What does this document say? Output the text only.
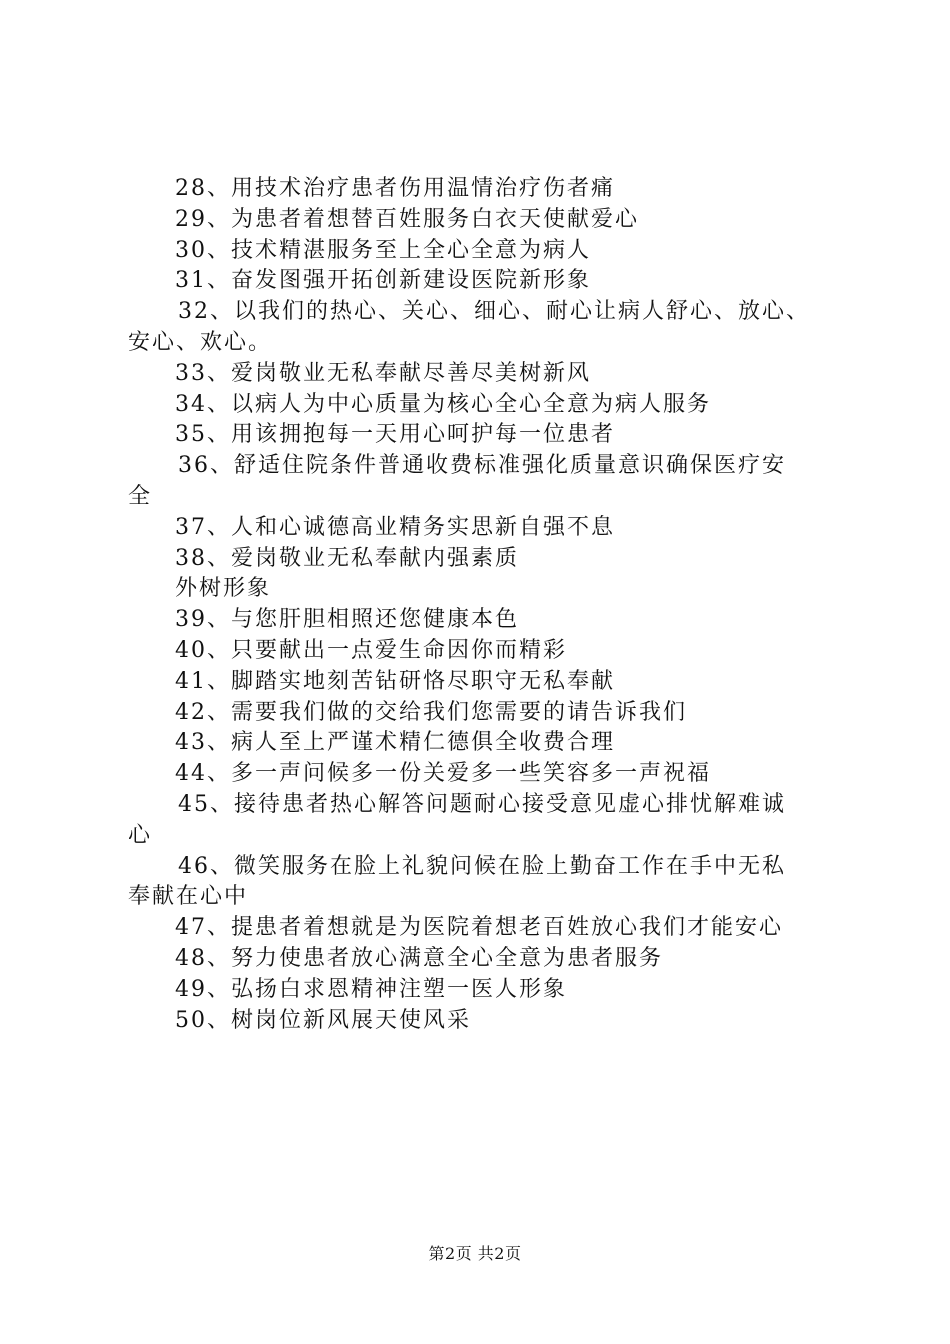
28、用技术治疗患者伤用温情治疗伤者痛
29、为患者着想替百姓服务白衣天使献爱心
30、技术精湛服务至上全心全意为病人
31、奋发图强开拓创新建设医院新形象
32、以我们的热心、关心、细心、耐心让病人舒心、放心、
安心、欢心。
33、爱岗敬业无私奉献尽善尽美树新风
34、以病人为中心质量为核心全心全意为病人服务
35、用该拥抱每一天用心呵护每一位患者
36、舒适住院条件普通收费标准强化质量意识确保医疗安
全
37、人和心诚德高业精务实思新自强不息
38、爱岗敬业无私奉献内强素质
外树形象
39、与您肝胆相照还您健康本色
40、只要献出一点爱生命因你而精彩
41、脚踏实地刻苦钻研恪尽职守无私奉献
42、需要我们做的交给我们您需要的请告诉我们
43、病人至上严谨术精仁德俱全收费合理
44、多一声问候多一份关爱多一些笑容多一声祝福
45、接待患者热心解答问题耐心接受意见虚心排忧解难诚
心
46、微笑服务在脸上礼貌问候在脸上勤奋工作在手中无私
奉献在心中
47、提患者着想就是为医院着想老百姓放心我们才能安心
48、努力使患者放心满意全心全意为患者服务
49、弘扬白求恩精神注塑一医人形象
50、树岗位新风展天使风采
第2页 共2页
